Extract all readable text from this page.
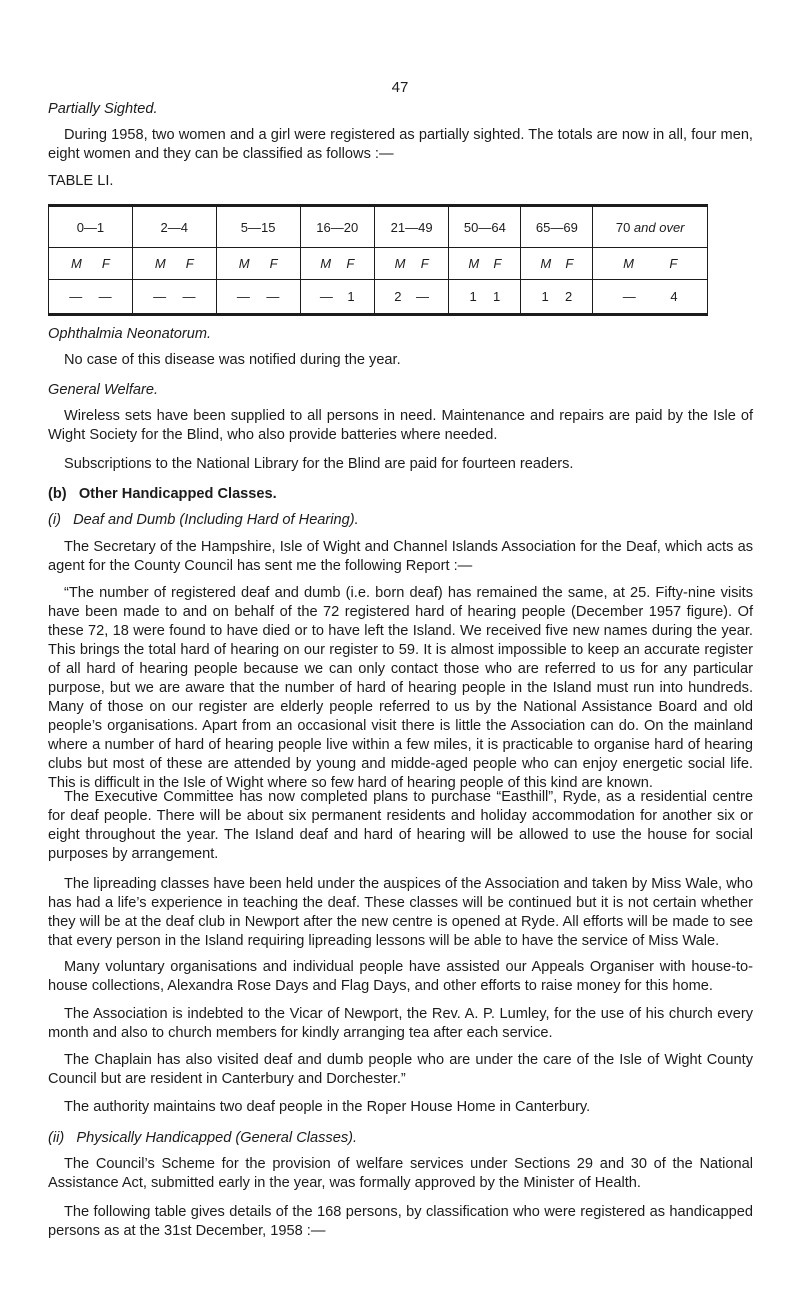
47
Partially Sighted.

During 1958, two women and a girl were registered as partially sighted. The totals are now in all, four men, eight women and they can be classified as follows :—

TABLE LI.
0—1	2—4	5—15	16—20	21—49	50—64	65—69	70 and over

M F	M F	M F	M F	M F	M F	M F	M F

— —	— —	— —	— 1	2 —	1 1	1 2	— 4
Ophthalmia Neonatorum.

No case of this disease was notified during the year.

General Welfare.

Wireless sets have been supplied to all persons in need. Maintenance and repairs are paid by the Isle of Wight Society for the Blind, who also provide batteries where needed.

Subscriptions to the National Library for the Blind are paid for fourteen readers.

(b) Other Handicapped Classes.
(i) Deaf and Dumb (Including Hard of Hearing).

The Secretary of the Hampshire, Isle of Wight and Channel Islands Association for the Deaf, which acts as agent for the County Council has sent me the following Report :—

“The number of registered deaf and dumb (i.e. born deaf) has remained the same, at 25. Fifty-nine visits have been made to and on behalf of the 72 registered hard of hearing people (December 1957 figure). Of these 72, 18 were found to have died or to have left the Island. We received five new names during the year. This brings the total hard of hearing on our register to 59. It is almost impossible to keep an accurate register of all hard of hearing people because we can only contact those who are referred to us for any particular purpose, but we are aware that the number of hard of hearing people in the Island must run into hundreds. Many of those on our register are elderly people referred to us by the National Assistance Board and old people’s organisations. Apart from an occasional visit there is little the Association can do. On the mainland where a number of hard of hearing people live within a few miles, it is practicable to organise hard of hearing clubs but most of these are attended by young and midde-aged people who can enjoy energetic social life. This is difficult in the Isle of Wight where so few hard of hearing people of this kind are known.

The Executive Committee has now completed plans to purchase “Easthill”, Ryde, as a residential centre for deaf people. There will be about six permanent residents and holiday accommodation for another six or eight throughout the year. The Island deaf and hard of hearing will be allowed to use the house for social purposes by arrangement.

The lipreading classes have been held under the auspices of the Association and taken by Miss Wale, who has had a life’s experience in teaching the deaf. These classes will be continued but it is not certain whether they will be at the deaf club in Newport after the new centre is opened at Ryde. All efforts will be made to see that every person in the Island requiring lipreading lessons will be able to have the service of Miss Wale.

Many voluntary organisations and individual people have assisted our Appeals Organiser with house-to-house collections, Alexandra Rose Days and Flag Days, and other efforts to raise money for this home.

The Association is indebted to the Vicar of Newport, the Rev. A. P. Lumley, for the use of his church every month and also to church members for kindly arranging tea after each service.

The Chaplain has also visited deaf and dumb people who are under the care of the Isle of Wight County Council but are resident in Canterbury and Dorchester.”

The authority maintains two deaf people in the Roper House Home in Canterbury.

(ii) Physically Handicapped (General Classes).

The Council’s Scheme for the provision of welfare services under Sections 29 and 30 of the National Assistance Act, submitted early in the year, was formally approved by the Minister of Health.

The following table gives details of the 168 persons, by classification who were registered as handicapped persons as at the 31st December, 1958 :—
